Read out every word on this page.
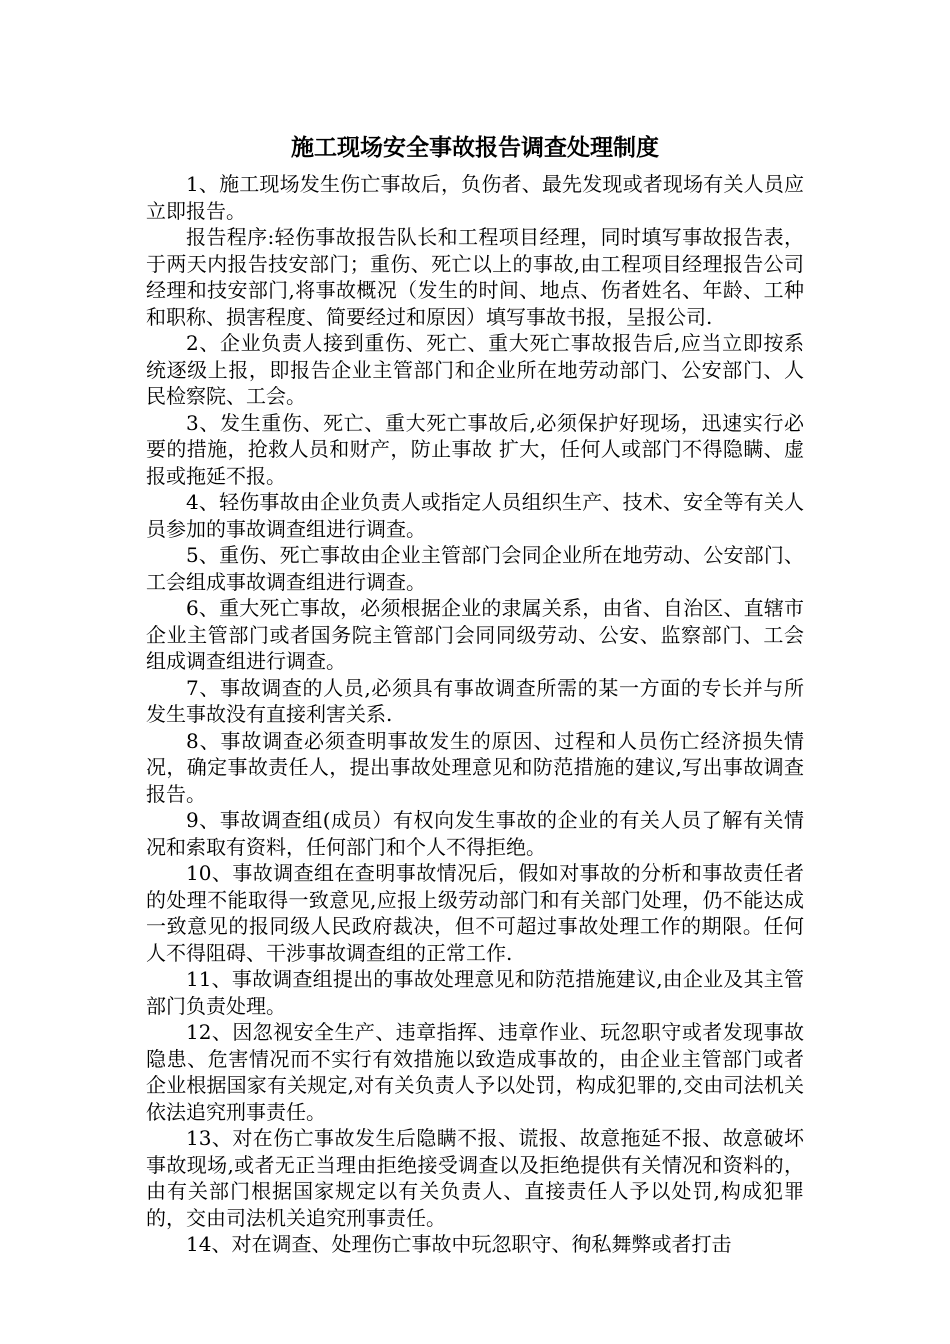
施工现场安全事故报告调查处理制度

1、施工现场发生伤亡事故后，负伤者、最先发现或者现场有关人员应立即报告。

报告程序:轻伤事故报告队长和工程项目经理，同时填写事故报告表，于两天内报告技安部门；重伤、死亡以上的事故,由工程项目经理报告公司经理和技安部门,将事故概况（发生的时间、地点、伤者姓名、年龄、工种和职称、损害程度、简要经过和原因）填写事故书报，呈报公司.

2、企业负责人接到重伤、死亡、重大死亡事故报告后,应当立即按系统逐级上报，即报告企业主管部门和企业所在地劳动部门、公安部门、人民检察院、工会。

3、发生重伤、死亡、重大死亡事故后,必须保护好现场，迅速实行必要的措施，抢救人员和财产，防止事故 扩大，任何人或部门不得隐瞒、虚报或拖延不报。

4、轻伤事故由企业负责人或指定人员组织生产、技术、安全等有关人员参加的事故调查组进行调查。

5、重伤、死亡事故由企业主管部门会同企业所在地劳动、公安部门、工会组成事故调查组进行调查。

6、重大死亡事故，必须根据企业的隶属关系，由省、自治区、直辖市企业主管部门或者国务院主管部门会同同级劳动、公安、监察部门、工会组成调查组进行调查。

7、事故调查的人员,必须具有事故调查所需的某一方面的专长并与所发生事故没有直接利害关系.

8、事故调查必须查明事故发生的原因、过程和人员伤亡经济损失情况，确定事故责任人，提出事故处理意见和防范措施的建议,写出事故调查报告。

9、事故调查组(成员）有权向发生事故的企业的有关人员了解有关情况和索取有资料，任何部门和个人不得拒绝。

10、事故调查组在查明事故情况后，假如对事故的分析和事故责任者的处理不能取得一致意见,应报上级劳动部门和有关部门处理，仍不能达成一致意见的报同级人民政府裁决，但不可超过事故处理工作的期限。任何人不得阻碍、干涉事故调查组的正常工作.

11、事故调查组提出的事故处理意见和防范措施建议,由企业及其主管部门负责处理。

12、因忽视安全生产、违章指挥、违章作业、玩忽职守或者发现事故隐患、危害情况而不实行有效措施以致造成事故的，由企业主管部门或者企业根据国家有关规定,对有关负责人予以处罚，构成犯罪的,交由司法机关依法追究刑事责任。

13、对在伤亡事故发生后隐瞒不报、谎报、故意拖延不报、故意破坏事故现场,或者无正当理由拒绝接受调查以及拒绝提供有关情况和资料的，由有关部门根据国家规定以有关负责人、直接责任人予以处罚,构成犯罪的，交由司法机关追究刑事责任。

14、对在调查、处理伤亡事故中玩忽职守、徇私舞弊或者打击
